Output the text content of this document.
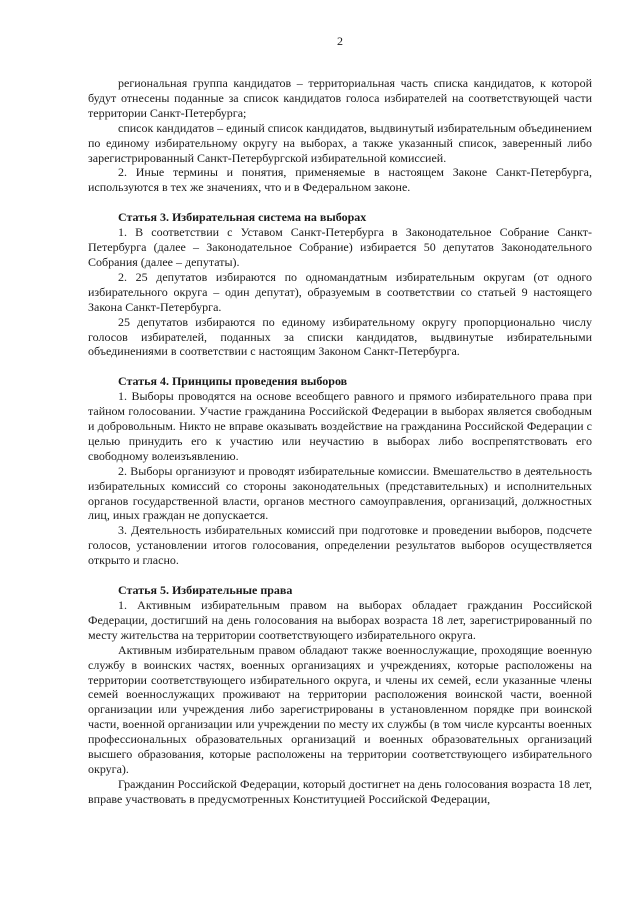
2

региональная группа кандидатов – территориальная часть списка кандидатов, к которой будут отнесены поданные за список кандидатов голоса избирателей на соответствующей части территории Санкт-Петербурга;

список кандидатов – единый список кандидатов, выдвинутый избирательным объединением по единому избирательному округу на выборах, а также указанный список, заверенный либо зарегистрированный Санкт-Петербургской избирательной комиссией.

2. Иные термины и понятия, применяемые в настоящем Законе Санкт-Петербурга, используются в тех же значениях, что и в Федеральном законе.

Статья 3. Избирательная система на выборах

1. В соответствии с Уставом Санкт-Петербурга в Законодательное Собрание Санкт-Петербурга (далее – Законодательное Собрание) избирается 50 депутатов Законодательного Собрания (далее – депутаты).

2. 25 депутатов избираются по одномандатным избирательным округам (от одного избирательного округа – один депутат), образуемым в соответствии со статьей 9 настоящего Закона Санкт-Петербурга.

25 депутатов избираются по единому избирательному округу пропорционально числу голосов избирателей, поданных за списки кандидатов, выдвинутые избирательными объединениями в соответствии с настоящим Законом Санкт-Петербурга.

Статья 4. Принципы проведения выборов

1. Выборы проводятся на основе всеобщего равного и прямого избирательного права при тайном голосовании. Участие гражданина Российской Федерации в выборах является свободным и добровольным. Никто не вправе оказывать воздействие на гражданина Российской Федерации с целью принудить его к участию или неучастию в выборах либо воспрепятствовать его свободному волеизъявлению.

2. Выборы организуют и проводят избирательные комиссии. Вмешательство в деятельность избирательных комиссий со стороны законодательных (представительных) и исполнительных органов государственной власти, органов местного самоуправления, организаций, должностных лиц, иных граждан не допускается.

3. Деятельность избирательных комиссий при подготовке и проведении выборов, подсчете голосов, установлении итогов голосования, определении результатов выборов осуществляется открыто и гласно.

Статья 5. Избирательные права

1. Активным избирательным правом на выборах обладает гражданин Российской Федерации, достигший на день голосования на выборах возраста 18 лет, зарегистрированный по месту жительства на территории соответствующего избирательного округа.

Активным избирательным правом обладают также военнослужащие, проходящие военную службу в воинских частях, военных организациях и учреждениях, которые расположены на территории соответствующего избирательного округа, и члены их семей, если указанные члены семей военнослужащих проживают на территории расположения воинской части, военной организации или учреждения либо зарегистрированы в установленном порядке при воинской части, военной организации или учреждении по месту их службы (в том числе курсанты военных профессиональных образовательных организаций и военных образовательных организаций высшего образования, которые расположены на территории соответствующего избирательного округа).

Гражданин Российской Федерации, который достигнет на день голосования возраста 18 лет, вправе участвовать в предусмотренных Конституцией Российской Федерации,
